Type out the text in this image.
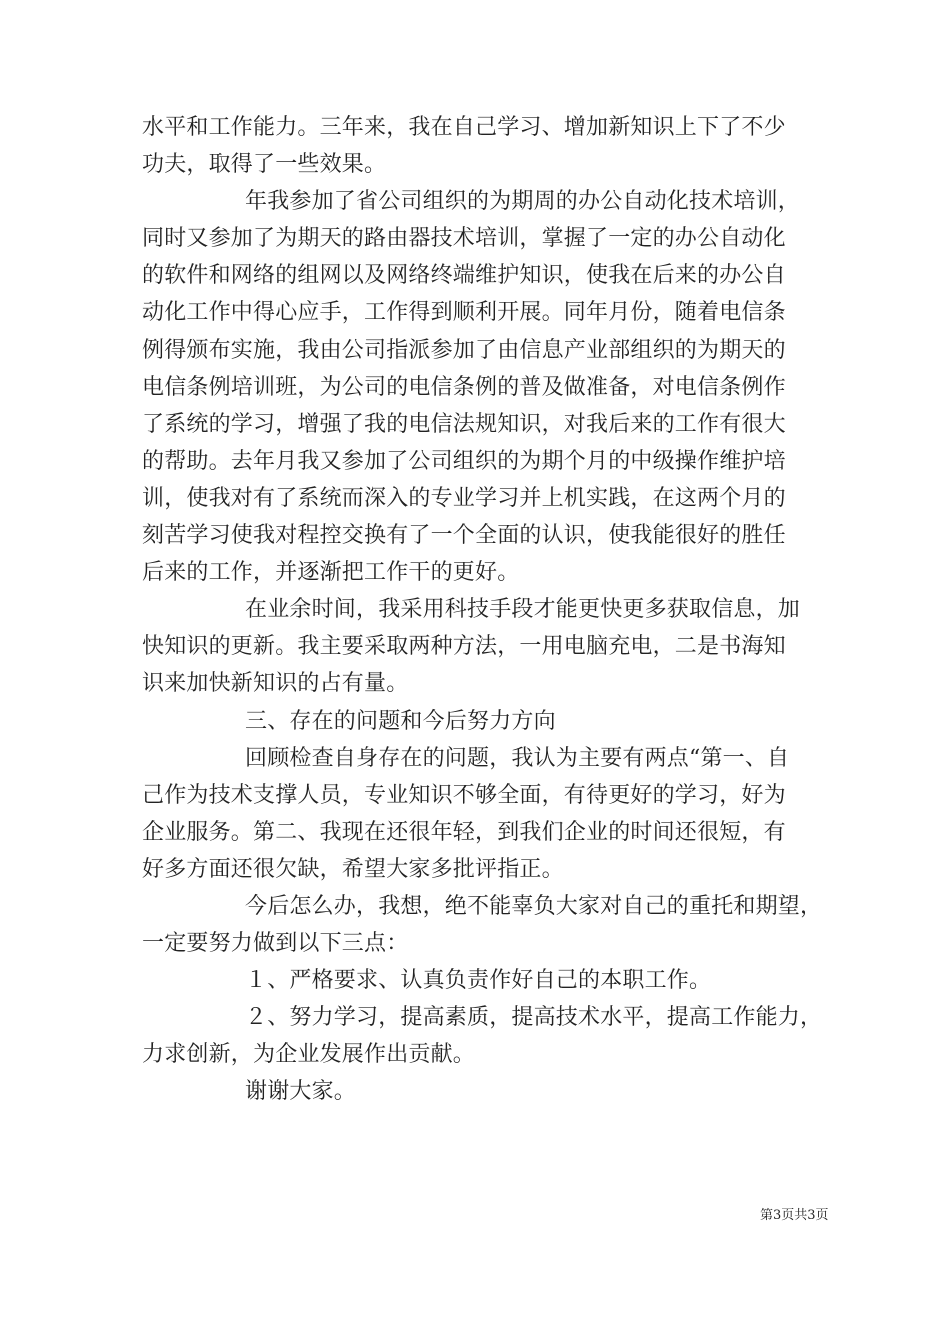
水平和工作能力。三年来，我在自己学习、增加新知识上下了不少
功夫，取得了一些效果。
年我参加了省公司组织的为期周的办公自动化技术培训，
同时又参加了为期天的路由器技术培训，掌握了一定的办公自动化
的软件和网络的组网以及网络终端维护知识，使我在后来的办公自
动化工作中得心应手，工作得到顺利开展。同年月份，随着电信条
例得颁布实施，我由公司指派参加了由信息产业部组织的为期天的
电信条例培训班，为公司的电信条例的普及做准备，对电信条例作
了系统的学习，增强了我的电信法规知识，对我后来的工作有很大
的帮助。去年月我又参加了公司组织的为期个月的中级操作维护培
训，使我对有了系统而深入的专业学习并上机实践，在这两个月的
刻苦学习使我对程控交换有了一个全面的认识，使我能很好的胜任
后来的工作，并逐渐把工作干的更好。
在业余时间，我采用科技手段才能更快更多获取信息，加
快知识的更新。我主要采取两种方法，一用电脑充电，二是书海知
识来加快新知识的占有量。
三、存在的问题和今后努力方向
回顾检查自身存在的问题，我认为主要有两点“第一、自
己作为技术支撑人员，专业知识不够全面，有待更好的学习，好为
企业服务。第二、我现在还很年轻，到我们企业的时间还很短，有
好多方面还很欠缺，希望大家多批评指正。
今后怎么办，我想，绝不能辜负大家对自己的重托和期望，
一定要努力做到以下三点：
１、严格要求、认真负责作好自己的本职工作。
２、努力学习，提高素质，提高技术水平，提高工作能力，
力求创新，为企业发展作出贡献。
谢谢大家。
第3页共3页
